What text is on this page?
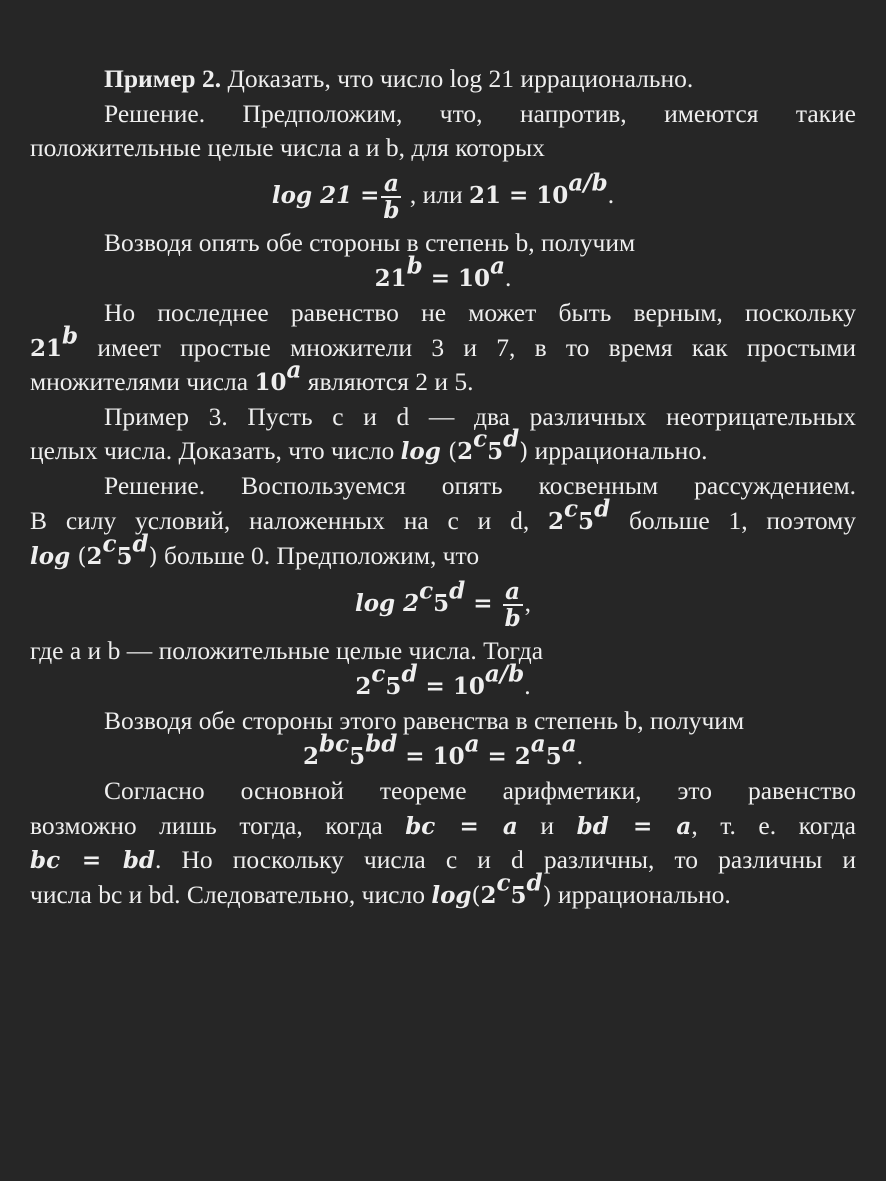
Пример 2. Доказать, что число log 21 иррационально.
Решение. Предположим, что, напротив, имеются такие
положительные целые числа a и b, для которых
$\log 21 = \frac{a}{b}$ , или $21 = 10^{a/b}$.
Возводя опять обе стороны в степень b, получим
$21^b = 10^a$.
Но последнее равенство не может быть верным, поскольку
21$^b$ имеет простые множители 3 и 7, в то время как простыми
множителями числа 10$^a$ являются 2 и 5.
Пример 3. Пусть c и d — два различных неотрицательных
целых числа. Доказать, что число log (2$^c$5$^d$) иррационально.
Решение. Воспользуемся опять косвенным рассуждением.
В силу условий, наложенных на c и d, 2$^c$5$^d$ больше 1, поэтому
log (2$^c$5$^d$) больше 0. Предположим, что
$\log 2^c5^d = \frac{a}{b}$ ,
где a и b — положительные целые числа. Тогда
$2^c5^d = 10^{a/b}$.
Возводя обе стороны этого равенства в степень b, получим
$2^{bc}5^{bd} = 10^a = 2^a5^a$.
Согласно основной теореме арифметики, это равенство
возможно лишь тогда, когда bc = a и bd = a, т. е. когда
bc = bd. Но поскольку числа c и d различны, то различны и
числа bc и bd. Следовательно, число log(2$^c$5$^d$) иррационально.
